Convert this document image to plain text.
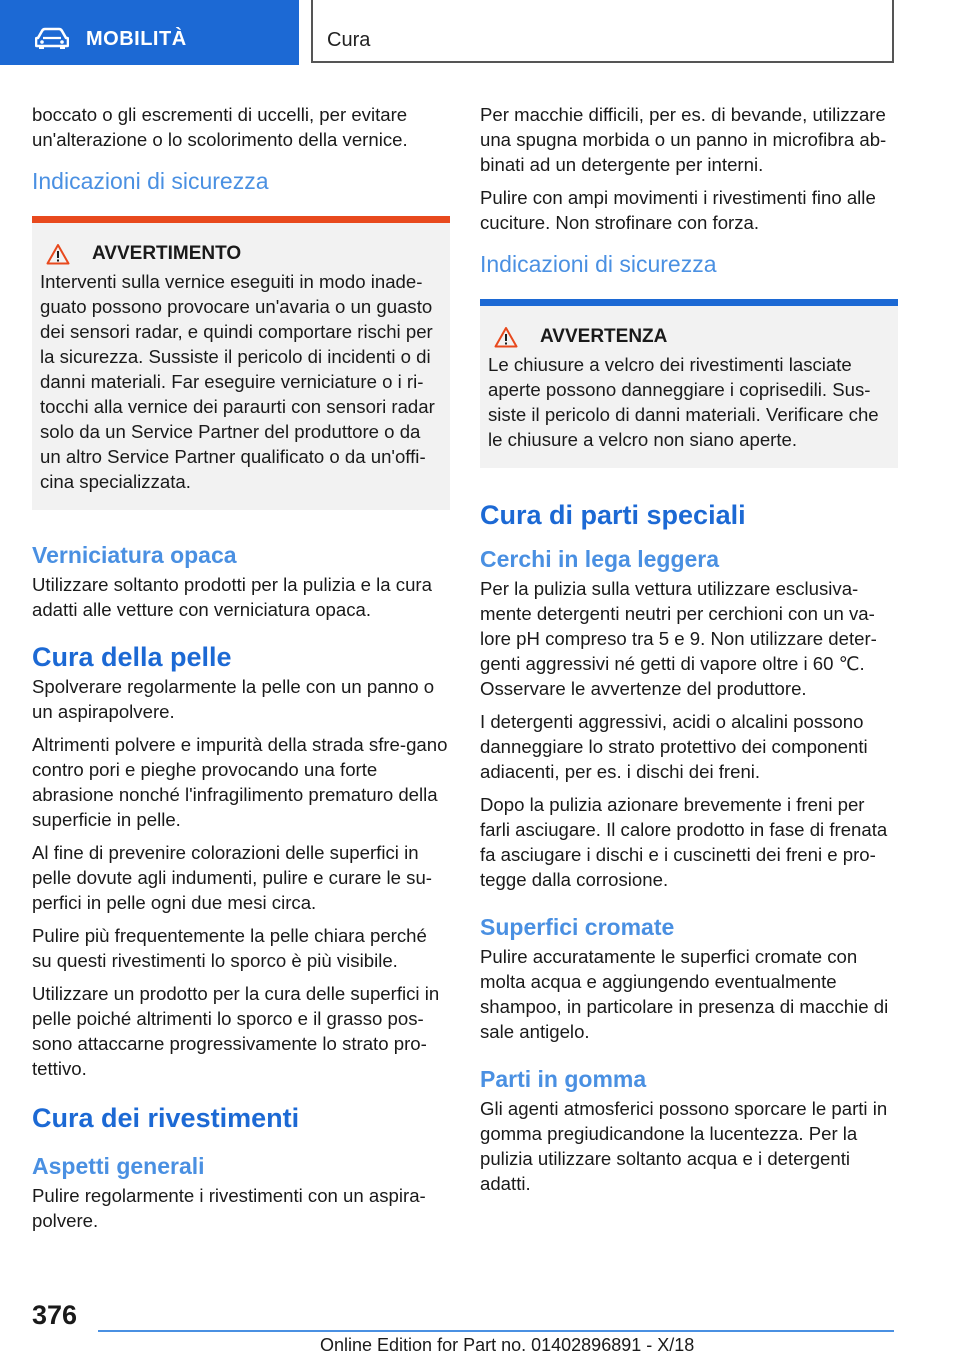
MOBILITÀ	Cura

boccato o gli escrementi di uccelli, per evitare un'alterazione o lo scolorimento della vernice.

Indicazioni di sicurezza
AVVERTIMENTO

Interventi sulla vernice eseguiti in modo inade‐guato possono provocare un'avaria o un guasto dei sensori radar, e quindi comportare rischi per la sicurezza. Sussiste il pericolo di incidenti o di danni materiali. Far eseguire verniciature o i ri‐tocchi alla vernice dei paraurti con sensori radar solo da un Service Partner del produttore o da un altro Service Partner qualificato o da un'offi‐cina specializzata.

Verniciatura opaca

Utilizzare soltanto prodotti per la pulizia e la cura adatti alle vetture con verniciatura opaca.

Cura della pelle

Spolverare regolarmente la pelle con un panno o un aspirapolvere.

Altrimenti polvere e impurità della strada sfre‐gano contro pori e pieghe provocando una forte abrasione nonché l'infragilimento prematuro della superficie in pelle.

Al fine di prevenire colorazioni delle superfici in pelle dovute agli indumenti, pulire e curare le su‐perfici in pelle ogni due mesi circa.

Pulire più frequentemente la pelle chiara perché su questi rivestimenti lo sporco è più visibile.

Utilizzare un prodotto per la cura delle superfici in pelle poiché altrimenti lo sporco e il grasso pos‐sono attaccarne progressivamente lo strato pro‐tettivo.

Cura dei rivestimenti
Aspetti generali

Pulire regolarmente i rivestimenti con un aspira‐polvere.

Per macchie difficili, per es. di bevande, utilizzare una spugna morbida o un panno in microfibra ab‐binati ad un detergente per interni.

Pulire con ampi movimenti i rivestimenti fino alle cuciture. Non strofinare con forza.

Indicazioni di sicurezza
AVVERTENZA

Le chiusure a velcro dei rivestimenti lasciate aperte possono danneggiare i coprisedili. Sus‐siste il pericolo di danni materiali. Verificare che le chiusure a velcro non siano aperte.

Cura di parti speciali
Cerchi in lega leggera

Per la pulizia sulla vettura utilizzare esclusiva‐mente detergenti neutri per cerchioni con un va‐lore pH compreso tra 5 e 9. Non utilizzare deter‐genti aggressivi né getti di vapore oltre i 60 ℃. Osservare le avvertenze del produttore.

I detergenti aggressivi, acidi o alcalini possono danneggiare lo strato protettivo dei componenti adiacenti, per es. i dischi dei freni.

Dopo la pulizia azionare brevemente i freni per farli asciugare. Il calore prodotto in fase di frenata fa asciugare i dischi e i cuscinetti dei freni e pro‐tegge dalla corrosione.

Superfici cromate

Pulire accuratamente le superfici cromate con molta acqua e aggiungendo eventualmente shampoo, in particolare in presenza di macchie di sale antigelo.

Parti in gomma

Gli agenti atmosferici possono sporcare le parti in gomma pregiudicandone la lucentezza. Per la pulizia utilizzare soltanto acqua e i detergenti adatti.

376
Online Edition for Part no. 01402896891 - X/18
